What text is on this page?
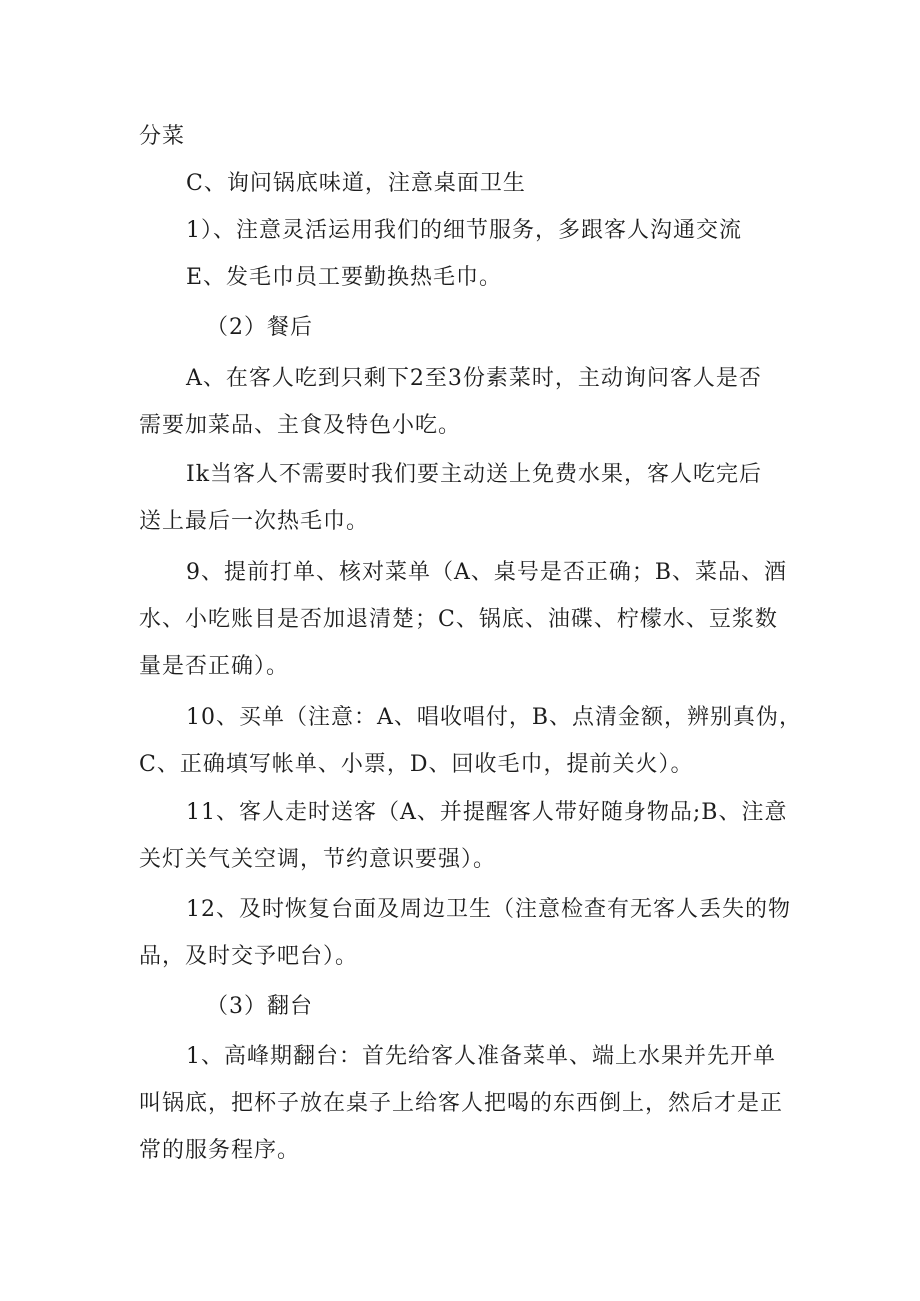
分菜
C、询问锅底味道，注意桌面卫生
1）、注意灵活运用我们的细节服务，多跟客人沟通交流
E、发毛巾员工要勤换热毛巾。
（2）餐后
A、在客人吃到只剩下2至3份素菜时，主动询问客人是否
需要加菜品、主食及特色小吃。
Ik当客人不需要时我们要主动送上免费水果，客人吃完后
送上最后一次热毛巾。
9、提前打单、核对菜单（A、桌号是否正确；B、菜品、酒
水、小吃账目是否加退清楚；C、锅底、油碟、柠檬水、豆浆数
量是否正确）。
10、买单（注意：A、唱收唱付，B、点清金额，辨别真伪，
C、正确填写帐单、小票，D、回收毛巾，提前关火）。
11、客人走时送客（A、并提醒客人带好随身物品;B、注意
关灯关气关空调，节约意识要强）。
12、及时恢复台面及周边卫生（注意检查有无客人丢失的物
品，及时交予吧台）。
（3）翻台
1、高峰期翻台：首先给客人准备菜单、端上水果并先开单
叫锅底，把杯子放在桌子上给客人把喝的东西倒上，然后才是正
常的服务程序。
